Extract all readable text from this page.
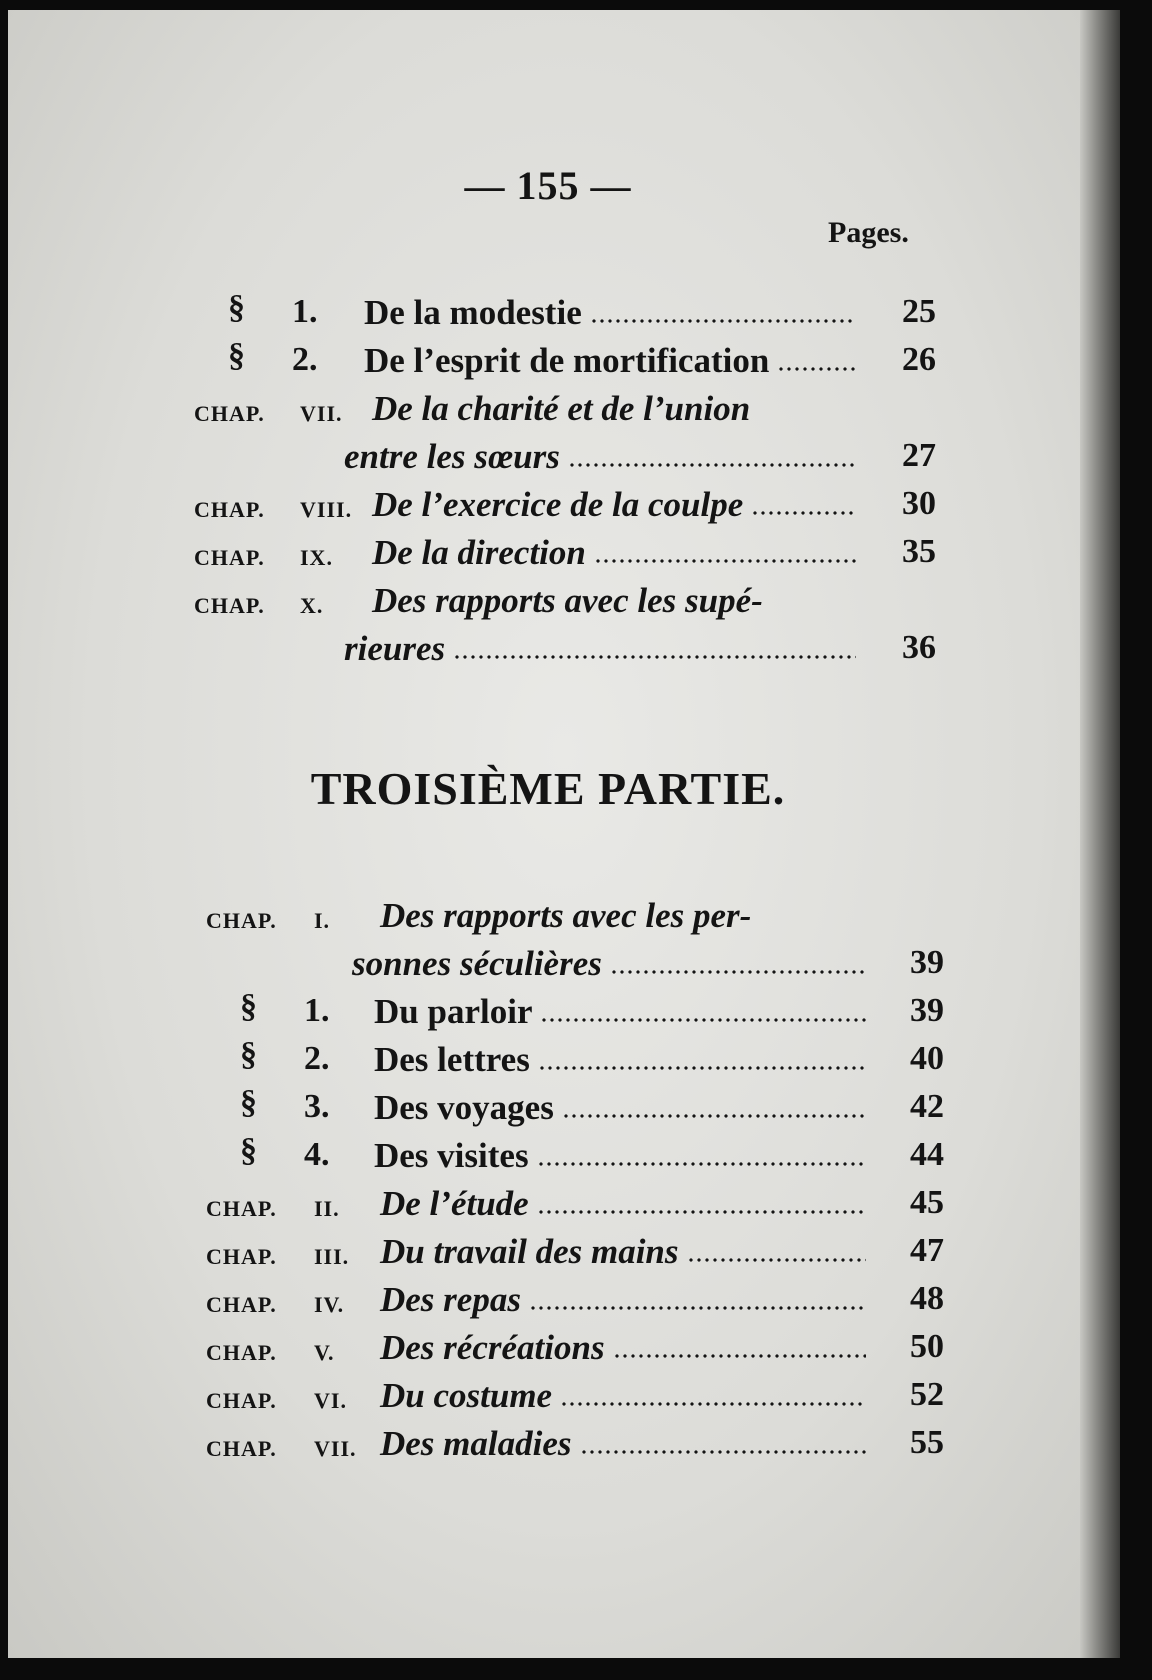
— 155 —
Pages.
§ 1. De la modestie	25
§ 2. De l’esprit de mortification	26
CHAP. VII. De la charité et de l’union
entre les sœurs	27
CHAP. VIII. De l’exercice de la coulpe	30
CHAP. IX. De la direction	35
CHAP. X. Des rapports avec les supé-
rieures	36
TROISIÈME PARTIE.
CHAP. I. Des rapports avec les per-
sonnes séculières	39
§ 1. Du parloir	39
§ 2. Des lettres	40
§ 3. Des voyages	42
§ 4. Des visites	44
CHAP. II. De l’étude	45
CHAP. III. Du travail des mains	47
CHAP. IV. Des repas	48
CHAP. V. Des récréations	50
CHAP. VI. Du costume	52
CHAP. VII. Des maladies	55
